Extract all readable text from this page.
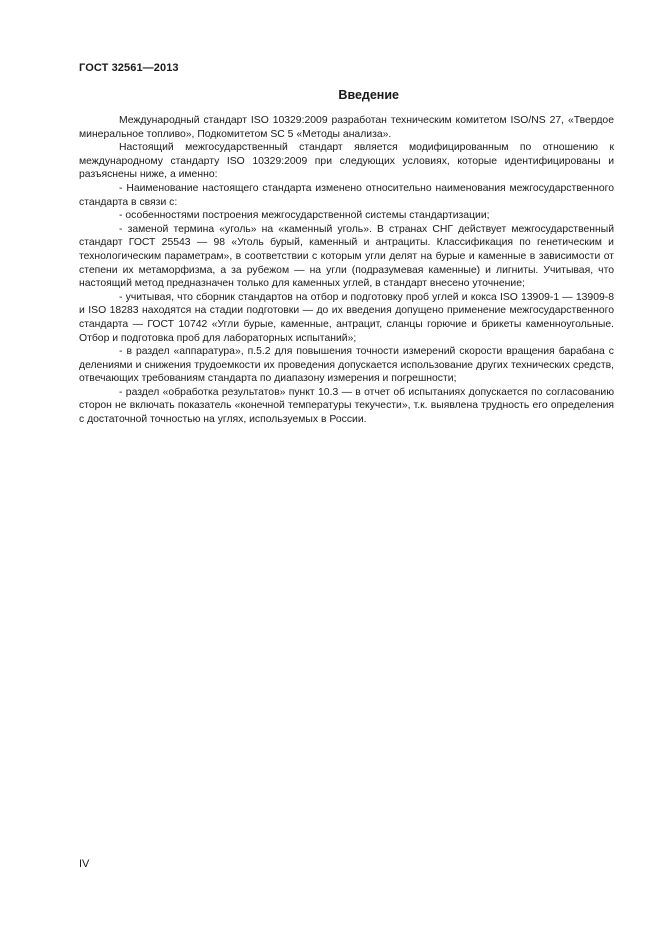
ГОСТ 32561—2013
Введение

Международный стандарт ISO 10329:2009 разработан техническим комитетом ISO/NS 27, «Твердое минеральное топливо», Подкомитетом SC 5 «Методы анализа».

Настоящий межгосударственный стандарт является модифицированным по отношению к международному стандарту ISO 10329:2009 при следующих условиях, которые идентифицированы и разъяснены ниже, а именно:

- Наименование настоящего стандарта изменено относительно наименования межгосударственного стандарта в связи с:

- особенностями построения межгосударственной системы стандартизации;

- заменой термина «уголь» на «каменный уголь». В странах СНГ действует межгосударственный стандарт ГОСТ 25543 — 98 «Уголь бурый, каменный и антрациты. Классификация по генетическим и технологическим параметрам», в соответствии с которым угли делят на бурые и каменные в зависимости от степени их метаморфизма, а за рубежом — на угли (подразумевая каменные) и лигниты. Учитывая, что настоящий метод предназначен только для каменных углей, в стандарт внесено уточнение;

- учитывая, что сборник стандартов на отбор и подготовку проб углей и кокса ISO 13909-1 — 13909-8 и ISO 18283 находятся на стадии подготовки — до их введения допущено применение межгосударственного стандарта — ГОСТ 10742 «Угли бурые, каменные, антрацит, сланцы горючие и брикеты каменноугольные. Отбор и подготовка проб для лабораторных испытаний»;

- в раздел «аппаратура», п.5.2 для повышения точности измерений скорости вращения барабана с делениями и снижения трудоемкости их проведения допускается использование других технических средств, отвечающих требованиям стандарта по диапазону измерения и погрешности;

- раздел «обработка результатов» пункт 10.3 — в отчет об испытаниях допускается по согласованию сторон не включать показатель «конечной температуры текучести», т.к. выявлена трудность его определения с достаточной точностью на углях, используемых в России.

IV
